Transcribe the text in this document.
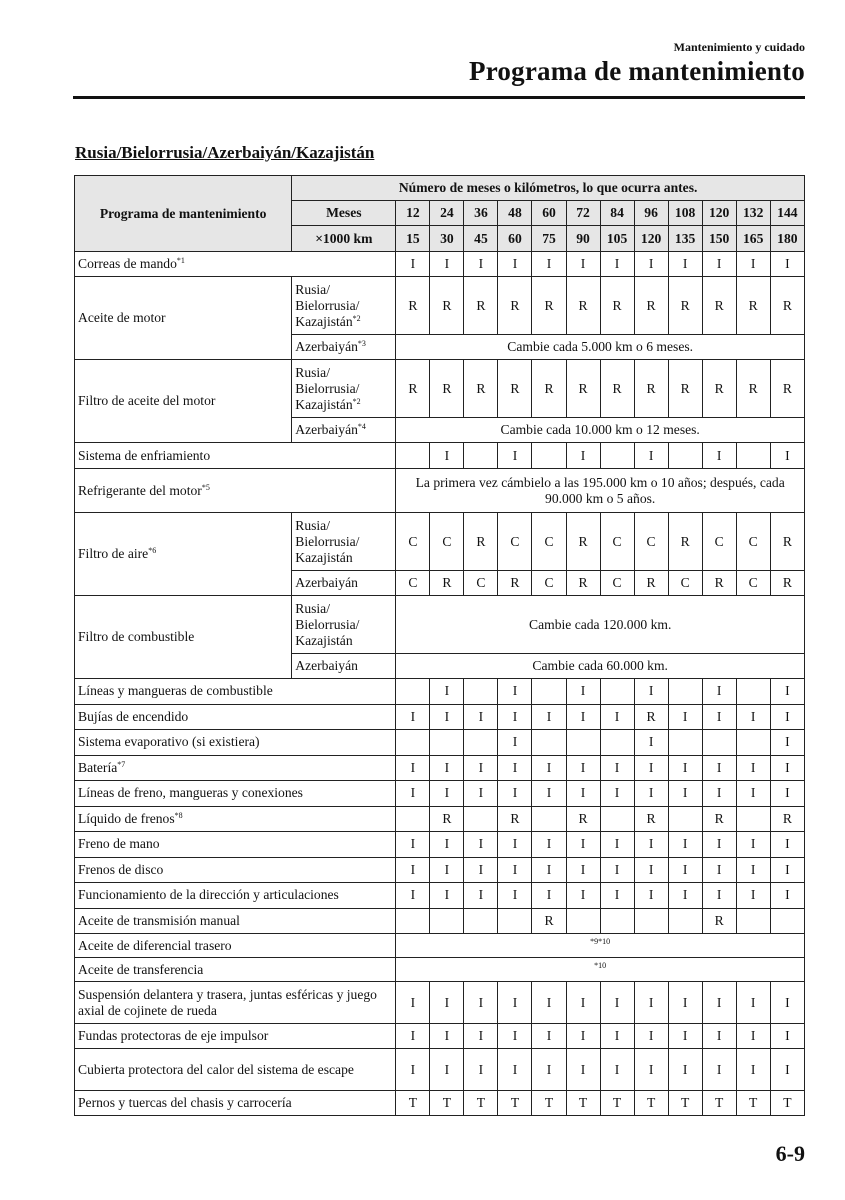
Mantenimiento y cuidado
Programa de mantenimiento
Rusia/Bielorrusia/Azerbaiyán/Kazajistán
Programa de mantenimiento	Número de meses o kilómetros, lo que ocurra antes.												
	Meses	12	24	36	48	60	72	84	96	108	120	132	144
	×1000 km	15	30	45	60	75	90	105	120	135	150	165	180
Correas de mando$^{*1}$		I	I	I	I	I	I	I	I	I	I	I	I
Aceite de motor	Rusia/
Bielorrusia/
Kazajistán$^{*2}$	R	R	R	R	R	R	R	R	R	R	R	R
	Azerbaiyán$^{*3}$	Cambie cada 5.000 km o 6 meses.											
Filtro de aceite del motor	Rusia/
Bielorrusia/
Kazajistán$^{*2}$	R	R	R	R	R	R	R	R	R	R	R	R
	Azerbaiyán$^{*4}$	Cambie cada 10.000 km o 12 meses.											
Sistema de enfriamiento			I		I		I		I		I		I
Refrigerante del motor$^{*5}$		La primera vez cámbielo a las 195.000 km o 10 años; después, cada 90.000 km o 5 años.											
Filtro de aire$^{*6}$	Rusia/
Bielorrusia/
Kazajistán	C	C	R	C	C	R	C	C	R	C	C	R
	Azerbaiyán	C	R	C	R	C	R	C	R	C	R	C	R
Filtro de combustible	Rusia/
Bielorrusia/
Kazajistán	Cambie cada 120.000 km.											
	Azerbaiyán	Cambie cada 60.000 km.											
Líneas y mangueras de combustible			I		I		I		I		I		I
Bujías de encendido		I	I	I	I	I	I	I	R	I	I	I	I
Sistema evaporativo (si existiera)					I				I				I
Batería$^{*7}$		I	I	I	I	I	I	I	I	I	I	I	I
Líneas de freno, mangueras y conexiones		I	I	I	I	I	I	I	I	I	I	I	I
Líquido de frenos$^{*8}$			R		R		R		R		R		R
Freno de mano		I	I	I	I	I	I	I	I	I	I	I	I
Frenos de disco		I	I	I	I	I	I	I	I	I	I	I	I
Funcionamiento de la dirección y articulaciones		I	I	I	I	I	I	I	I	I	I	I	I
Aceite de transmisión manual						R					R		
Aceite de diferencial trasero		$^{*9*10}$
Aceite de transferencia		$^{*10}$
Suspensión delantera y trasera, juntas esféricas y juego axial de cojinete de rueda		I	I	I	I	I	I	I	I	I	I	I	I
Fundas protectoras de eje impulsor		I	I	I	I	I	I	I	I	I	I	I	I
Cubierta protectora del calor del sistema de escape		I	I	I	I	I	I	I	I	I	I	I	I
Pernos y tuercas del chasis y carrocería		T	T	T	T	T	T	T	T	T	T	T	T
6-9
